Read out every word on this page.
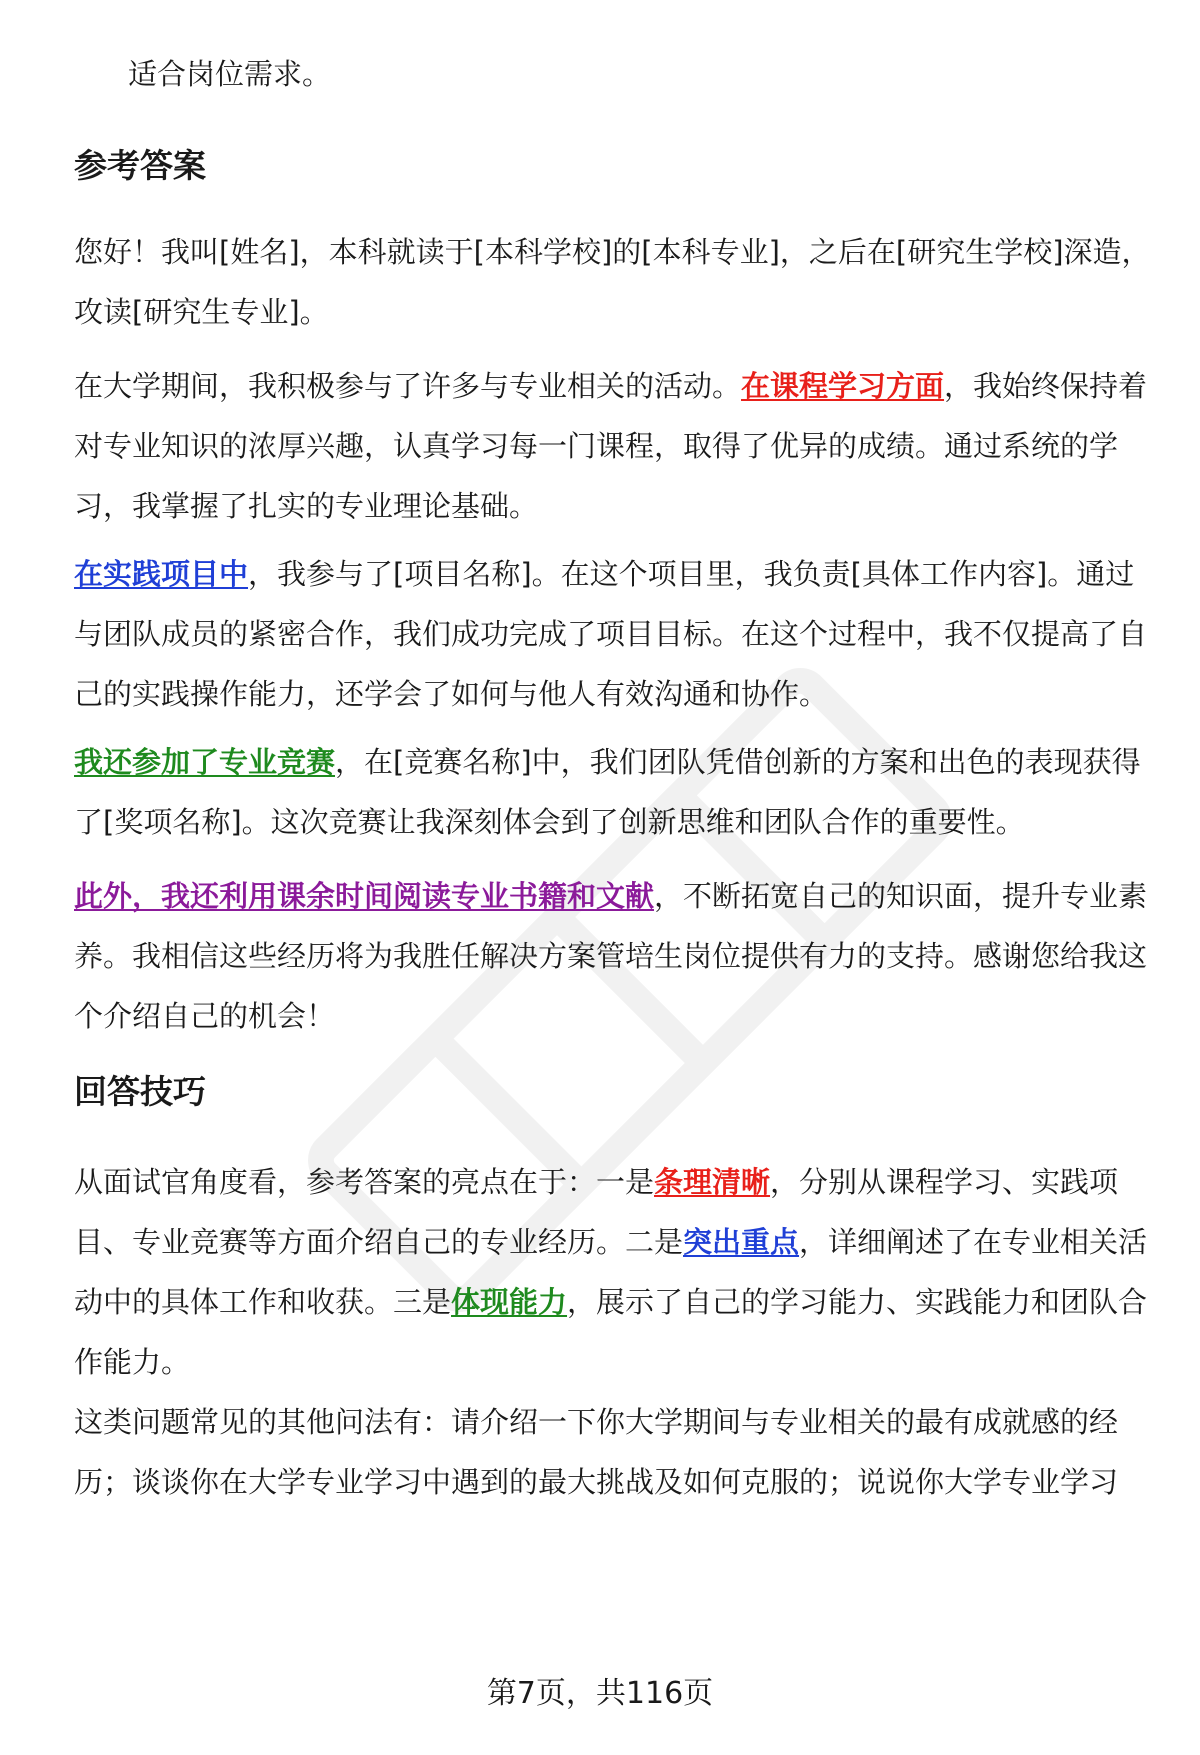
适合岗位需求。

参考答案

您好！我叫[姓名]，本科就读于[本科学校]的[本科专业]，之后在[研究生学校]深造，攻读[研究生专业]。

在大学期间，我积极参与了许多与专业相关的活动。在课程学习方面，我始终保持着对专业知识的浓厚兴趣，认真学习每一门课程，取得了优异的成绩。通过系统的学习，我掌握了扎实的专业理论基础。

在实践项目中，我参与了[项目名称]。在这个项目里，我负责[具体工作内容]。通过与团队成员的紧密合作，我们成功完成了项目目标。在这个过程中，我不仅提高了自己的实践操作能力，还学会了如何与他人有效沟通和协作。

我还参加了专业竞赛，在[竞赛名称]中，我们团队凭借创新的方案和出色的表现获得了[奖项名称]。这次竞赛让我深刻体会到了创新思维和团队合作的重要性。

此外，我还利用课余时间阅读专业书籍和文献，不断拓宽自己的知识面，提升专业素养。我相信这些经历将为我胜任解决方案管培生岗位提供有力的支持。感谢您给我这个介绍自己的机会！

回答技巧

从面试官角度看，参考答案的亮点在于：一是条理清晰，分别从课程学习、实践项目、专业竞赛等方面介绍自己的专业经历。二是突出重点，详细阐述了在专业相关活动中的具体工作和收获。三是体现能力，展示了自己的学习能力、实践能力和团队合作能力。

这类问题常见的其他问法有：请介绍一下你大学期间与专业相关的最有成就感的经历；谈谈你在大学专业学习中遇到的最大挑战及如何克服的；说说你大学专业学习

第7页，共116页
